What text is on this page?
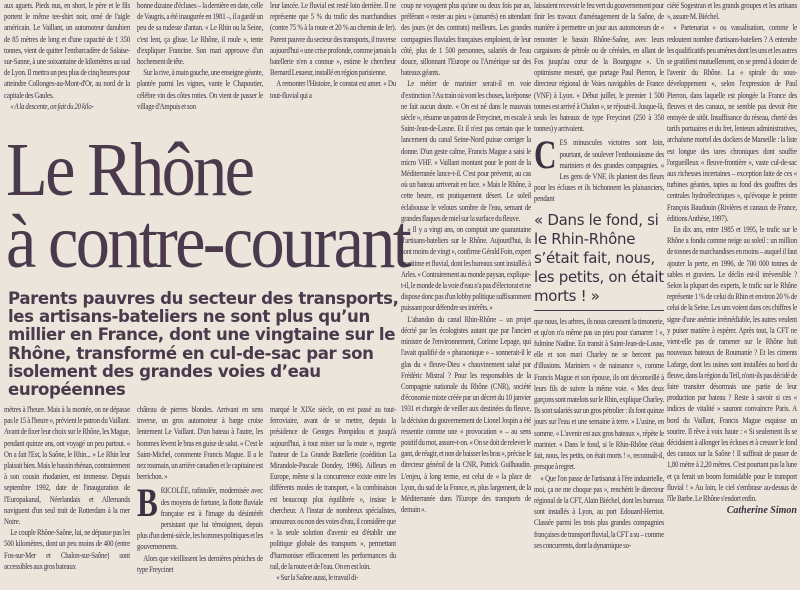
aux aguets. Pieds nus, en short, le père et le fils portent le même tee-shirt noir, orné de l'aigle américain. Le Vaillant, un automoteur danubien de 85 mètres de long et d'une capacité de 1 350 tonnes, vient de quitter l'embarcadère de Salaise-sur-Sanne, à une soixantaine de kilomètres au sud de Lyon. Il mettra un peu plus de cinq heures pour atteindre Collonges-au-Mont-d'Or, au nord de la capitale des Gaules.

« A la descente, on fait du 20 kilo-

bonne dizaine d'écluses – la dernière en date, celle de Vaugris, a été inaugurée en 1981 –, il a gardé un peu de sa rudesse d'antan. « Le Rhin ou la Seine, c'est lent, ça glisse. Le Rhône, il roule », tente d'expliquer Francine. Son mari approuve d'un hochement de tête.

Sur la rive, à main gauche, une enseigne géante, plantée parmi les vignes, vante le Chapoutier, célèbre vin des côtes roties. On vient de passer le village d'Ampuis et son

leur lancée. Le fluvial est resté loin derrière. Il ne représente que 5 % du trafic des marchandises (contre 75 % à la route et 20 % au chemin de fer). Parent pauvre du secteur des transports, il traverse aujourd'hui « une crise profonde, comme jamais la batellerie n'en a connue », estime le chercheur Bernard Lesueur, installé en région parisienne.

A remonter l'Histoire, le constat est amer. « Du tout-fluvial qui a

Le Rhône
à contre-courant

Parents pauvres du secteur des transports, les artisans-bateliers ne sont plus qu’un millier en France, dont une vingtaine sur le Rhône, transformé en cul-de-sac par son isolement des grandes voies d’eau européennes

mètres à l'heure. Mais à la montée, on ne dépasse pas le 15 à l'heure », prévient le patron du Vaillant. Avant de fixer leur choix sur le Rhône, les Mague, pendant quinze ans, ont voyagé un peu partout. « On a fait l'Est, la Saône, le Rhin... » Le Rhin leur plaisait bien. Mais le bassin rhénan, contrairement à son cousin rhodanien, est immense. Depuis septembre 1992, date de l'inauguration de l'Europakanal, Néerlandais et Allemands naviguent d'un seul trait de Rotterdam à la mer Noire.

Le couple Rhône-Saône, lui, ne dépasse pas les 500 kilomètres, dont un peu moins de 400 (entre Fos-sur-Mer et Chalon-sur-Saône) sont accessibles aux gros bateaux

château de pierres blondes. Arrivant en sens inverse, un gros automoteur à barge croise lentement Le Vaillant. D'un bateau à l'autre, les hommes lèvent le bras en guise de salut. « C'est le Saint-Michel, commente Francis Mague. Il a le nez roumain, un arrière canadien et le capitaine est berrichon. »

BRICOLÉE, rafistolée, modernisée avec des moyens de fortune, la flotte fluviale française est à l'image du désintérêt persistant que lui témoignent, depuis plus d'un demi-siècle, les hommes politiques et les gouvernements.

Alors que vieillissent les dernières péniches de type Freycinet

marqué le XIXe siècle, on est passé au tout-ferroviaire, avant de se mettre, depuis la présidence de Georges Pompidou et jusqu'à aujourd'hui, à tout miser sur la route », regrette l'auteur de La Grande Batellerie (coédition La Mirandole-Pascale Dondey, 1996). Ailleurs en Europe, même si la concurrence existe entre les différents modes de transport, « la combinaison est beaucoup plus équilibrée », insiste le chercheur. A l'instar de nombreux spécialistes, amoureux ou non des voies d'eau, il considère que « la seule solution d'avenir est d'établir une politique globale des transports », permettant d'harmoniser efficacement les performances du rail, de la route et de l'eau. On en est loin.

« Sur la Saône aussi, le travail di-

coup ne voyagent plus qu'une ou deux fois par an, préférant « rester au pieu » (amarrés) en attendant des jours (et des contrats) meilleurs. Les grandes compagnies fluviales françaises emploient, de leur côté, plus de 1 500 personnes, salariés de l'eau douce, sillonnant l'Europe ou l'Amérique sur des bateaux géants.

Le métier de marinier serait-il en voie d'extinction ? Au train où vont les choses, la réponse ne fait aucun doute. « On est né dans le mauvais siècle », résume un patron de Freycinet, en escale à Saint-Jean-de-Losne. Et il n'est pas certain que le lancement du canal Seine-Nord puisse corriger la donne. D'un geste calme, Francis Mague a saisi le micro VHF. « Vaillant montant pour le pont de la Méditerranée lance-t-il. C'est pour prévenir, au cas où un bateau arriverait en face. » Mais le Rhône, à cette heure, est pratiquement désert. Le soleil éclabousse le velours sombre de l'eau, semant de grandes flaques de miel sur la surface du fleuve.

« Il y a vingt ans, on comptait une quarantaine d'artisans-bateliers sur le Rhône. Aujourd'hui, ils sont moins de vingt », confirme Gérald Foin, expert maritime et fluvial, dont les bureaux sont installés à Arles. « Contrairement au monde paysan, explique-t-il, le monde de la voie d'eau n'a pas d'électorat et ne dispose donc pas d'un lobby politique suffisamment puissant pour défendre ses intérêts. »

L'abandon du canal Rhin-Rhône – un projet décrié par les écologistes autant que par l'ancien ministre de l'environnement, Corinne Lepage, qui l'avait qualifié de « pharaonique » – sonnerait-il le glas du « fleuve-Dieu » chauvinement salué par Frédéric Mistral ? Pour les responsables de la Compagnie nationale du Rhône (CNR), société d'économie mixte créée par un décret du 10 janvier 1931 et chargée de veiller aux destinées du fleuve, la décision du gouvernement de Lionel Jospin a été ressentie comme une « provocation » – au sens positif du mot, assure-t-on. « On se doit de relever le gant, de réagir, et non de baisser les bras », précise le directeur général de la CNR, Patrick Guilhaudin. L'enjeu, à long terme, est celui de « la place de Lyon, du sud de la France, et, plus largement, de la Méditerranée dans l'Europe des transports de demain ».

laissaient recevoir le feu vert du gouvernement pour finir les travaux d'aménagement de la Saône, de manière à permettre un jour aux automoteurs de « remonter le bassin Rhône-Saône, avec leurs cargaisons de pétrole ou de céréales, en allant de Fos jusqu'au cœur de la Bourgogne ». Un optimisme mesuré, que partage Paul Pierron, le directeur régional de Voies navigables de France (VNF) à Lyon. « Début juillet, le premier 1 500 tonnes est arrivé à Chalon », se réjouit-il. Jusque-là, seuls les bateaux de type Freycinet (250 à 350 tonnes) y arrivaient.

CES minuscules victoires sont loin, pourtant, de soulever l'enthousiasme des mariniers et des grandes compagnies. « Les gens de VNF, ils plantent des fleurs pour les écluses et ils bichonnent les plaisanciers, pendant

« Dans le fond, si le Rhin-Rhône s’était fait, nous, les petits, on était morts ! »

que nous, les arbres, ils nous caressent la timonerie, et qu'on n'a même pas un pieu pour s'amarrer ! », fulmine Nadine. En transit à Saint-Jean-de-Losne, elle et son mari Charley ne se bercent pas d'illusions. Mariniers « de naissance », comme Francis Mague et son épouse, ils ont déconseillé à leurs fils de suivre la même voie. « Mes deux garçons sont matelots sur le Rhin, explique Charley. Ils sont salariés sur un gros pétrolier : ils font quinze jours sur l'eau et une semaine à terre. » L'usine, en somme. « L'avenir est aux gros bateaux », répète le marinier. « Dans le fond, si le Rhin-Rhône s'était fait, nous, les petits, on était morts ! », reconnaît-il, presque à regret.

« Que l'on passe de l'artisanat à l'ère industrielle, moi, ça ne me choque pas », renchérit le directeur régional de la CFT, Alain Biéchel, dont les bureaux sont installés à Lyon, au port Edouard-Herriot. Classée parmi les trois plus grandes compagnies françaises de transport fluvial, la CFT a su – comme ses concurrents, dont la dynamique so-

ciété Sogestran et les grands groupes et les artisans », assure M. Biéchel.

« Partenariat » ou vassalisation, comme le redoutent nombre d'artisans-bateliers ? A entendre les qualificatifs peu amènes dont les uns et les autres se gratifient mutuellement, on se prend à douter de l'avenir du Rhône. La « spirale du sous-développement », selon l'expression de Paul Pierron, dans laquelle est plongée la France des fleuves et des canaux, ne semble pas devoir être enrayée de sitôt. Insuffisance du réseau, cherté des tarifs portuaires et du fret, lenteurs administratives, archaïsme mortel des dockers de Marseille : la liste est longue des tares chroniques dont souffre l'orgueilleux « fleuve-frontière », vaste cul-de-sac aux richesses incertaines – exception faite de ces « turbines géantes, tapies au fond des gouffres des centrales hydroélectriques », qu'évoque le peintre François Baudouin (Rivières et canaux de France, éditions Anthèse, 1997).

En dix ans, entre 1985 et 1995, le trafic sur le Rhône a fondu comme neige au soleil : un million de tonnes de marchandises en moins – auquel il faut ajouter la perte, en 1996, de 700 000 tonnes de sables et graviers. Le déclin est-il irréversible ? Selon la plupart des experts, le trafic sur le Rhône représente 1 % de celui du Rhin et environ 20 % de celui de la Seine. Les uns voient dans ces chiffres le signe d'une anémie irrémédiable, les autres veulent y puiser matière à espérer. Après tout, la CFT ne vient-elle pas de ramener sur le Rhône huit nouveaux bateaux de Roumanie ? Et les ciments Lafarge, dont les usines sont installées au bord du fleuve, dans la région du Teil, n'ont-ils pas décidé de faire transiter désormais une partie de leur production par bateau ? Reste à savoir si ces « indices de vitalité » sauront convaincre Paris. A bord du Vaillant, Francis Mague esquisse un sourire. Il rêve à voix haute : « Si seulement ils se décidaient à allonger les écluses et à creuser le fond des canaux sur la Saône ! Il suffirait de passer de 1,80 mètre à 2,20 mètres. C'est pourtant pas la lune et ça ferait un boom formidable pour le transport fluvial ! » Au loin, le ciel s'embrase au-dessus de l'île Barbe. Le Rhône s'endort enfin.

Catherine Simon
